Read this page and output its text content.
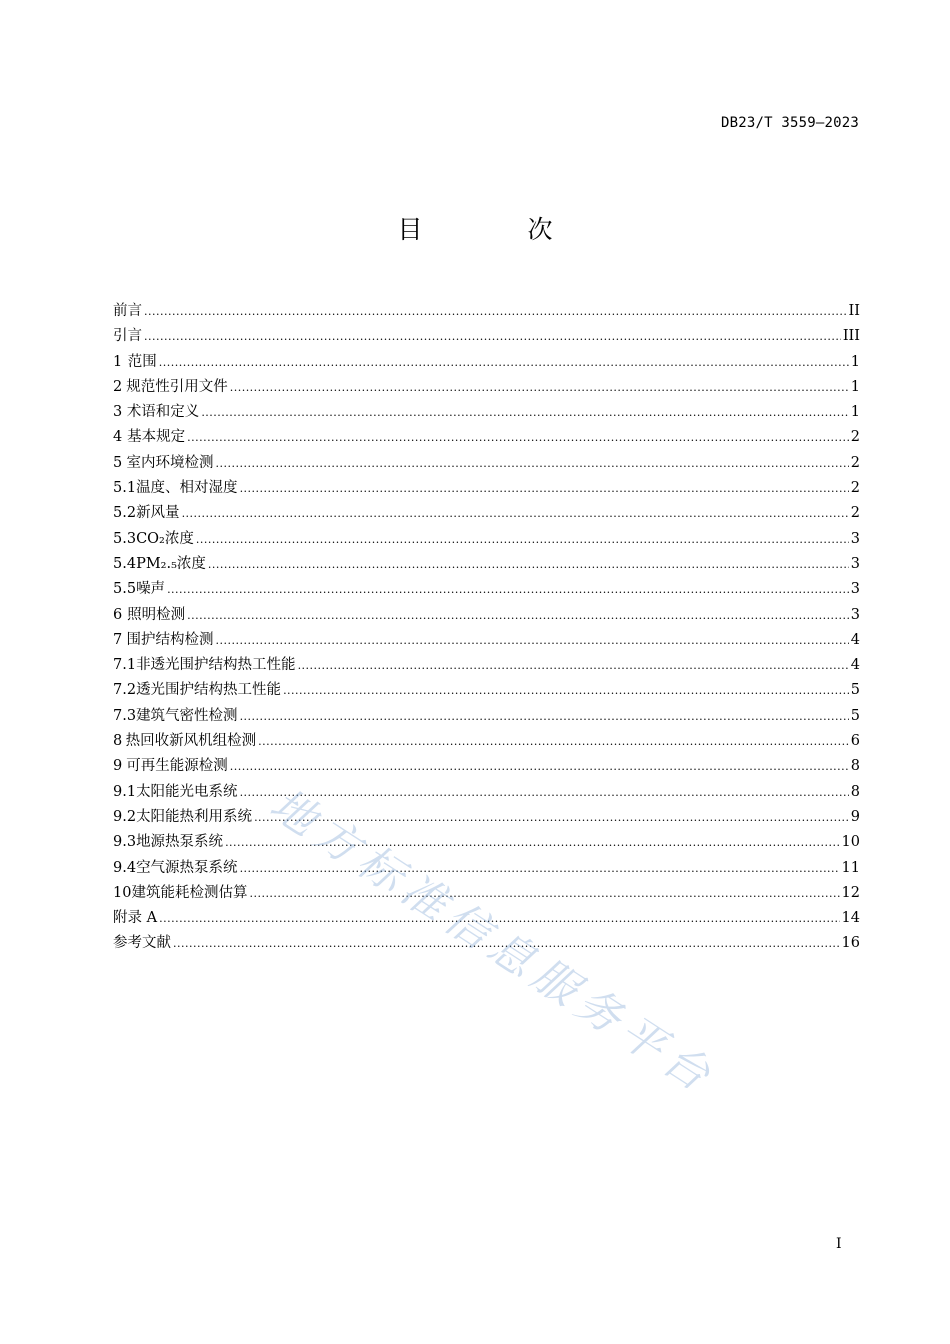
DB23/T 3559—2023
目　次
前言 .....	II
引言 .....	III
1 范围 .....	1
2 规范性引用文件 .....	1
3 术语和定义 .....	1
4 基本规定 .....	2
5 室内环境检测 .....	2
5.1 温度、相对湿度 .....	2
5.2 新风量 .....	2
5.3 CO₂浓度 .....	3
5.4 PM₂.₅浓度 .....	3
5.5 噪声 .....	3
6 照明检测 .....	3
7 围护结构检测 .....	4
7.1 非透光围护结构热工性能 .....	4
7.2 透光围护结构热工性能 .....	5
7.3 建筑气密性检测 .....	5
8 热回收新风机组检测 .....	6
9 可再生能源检测 .....	8
9.1 太阳能光电系统 .....	8
9.2 太阳能热利用系统 .....	9
9.3 地源热泵系统 .....	10
9.4 空气源热泵系统 .....	11
10 建筑能耗检测估算 .....	12
附录 A .....	14
参考文献 .....	16
地方标准信息服务平台
I
